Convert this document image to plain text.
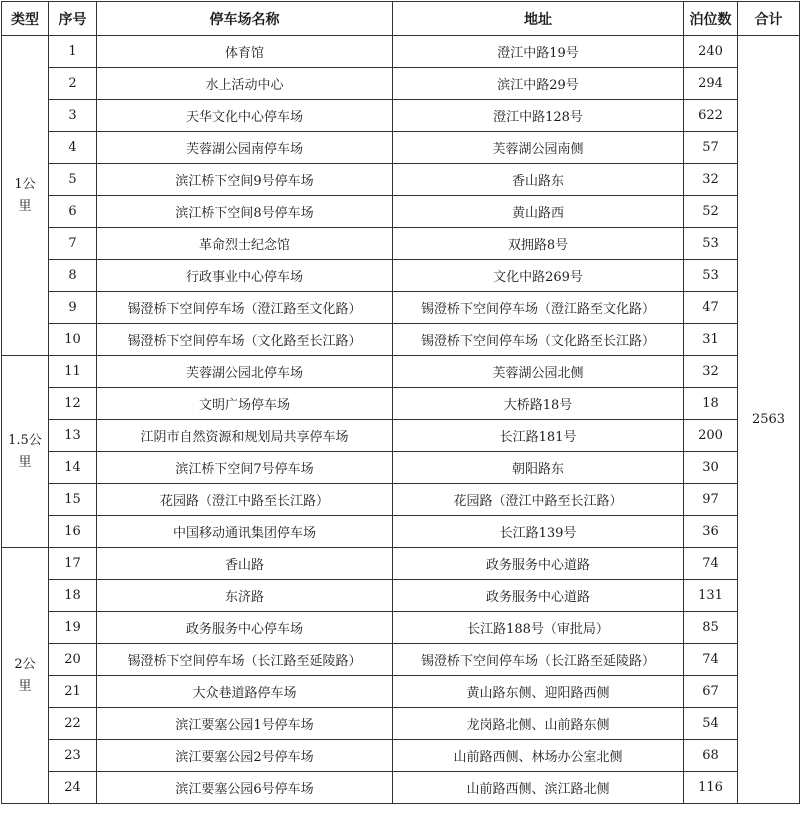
类型	序号	停车场名称	地址	泊位数	合计
1公里	1	体育馆	澄江中路19号	240	2563
	2	水上活动中心	滨江中路29号	294	
	3	天华文化中心停车场	澄江中路128号	622	
	4	芙蓉湖公园南停车场	芙蓉湖公园南侧	57	
	5	滨江桥下空间9号停车场	香山路东	32	
	6	滨江桥下空间8号停车场	黄山路西	52	
	7	革命烈士纪念馆	双拥路8号	53	
	8	行政事业中心停车场	文化中路269号	53	
	9	锡澄桥下空间停车场（澄江路至文化路）	锡澄桥下空间停车场（澄江路至文化路）	47	
	10	锡澄桥下空间停车场（文化路至长江路）	锡澄桥下空间停车场（文化路至长江路）	31	
1.5公里	11	芙蓉湖公园北停车场	芙蓉湖公园北侧	32	
	12	文明广场停车场	大桥路18号	18	
	13	江阴市自然资源和规划局共享停车场	长江路181号	200	
	14	滨江桥下空间7号停车场	朝阳路东	30	
	15	花园路（澄江中路至长江路）	花园路（澄江中路至长江路）	97	
	16	中国移动通讯集团停车场	长江路139号	36	
2公里	17	香山路	政务服务中心道路	74	
	18	东济路	政务服务中心道路	131	
	19	政务服务中心停车场	长江路188号（审批局）	85	
	20	锡澄桥下空间停车场（长江路至延陵路）	锡澄桥下空间停车场（长江路至延陵路）	74	
	21	大众巷道路停车场	黄山路东侧、迎阳路西侧	67	
	22	滨江要塞公园1号停车场	龙岗路北侧、山前路东侧	54	
	23	滨江要塞公园2号停车场	山前路西侧、林场办公室北侧	68	
	24	滨江要塞公园6号停车场	山前路西侧、滨江路北侧	116	
